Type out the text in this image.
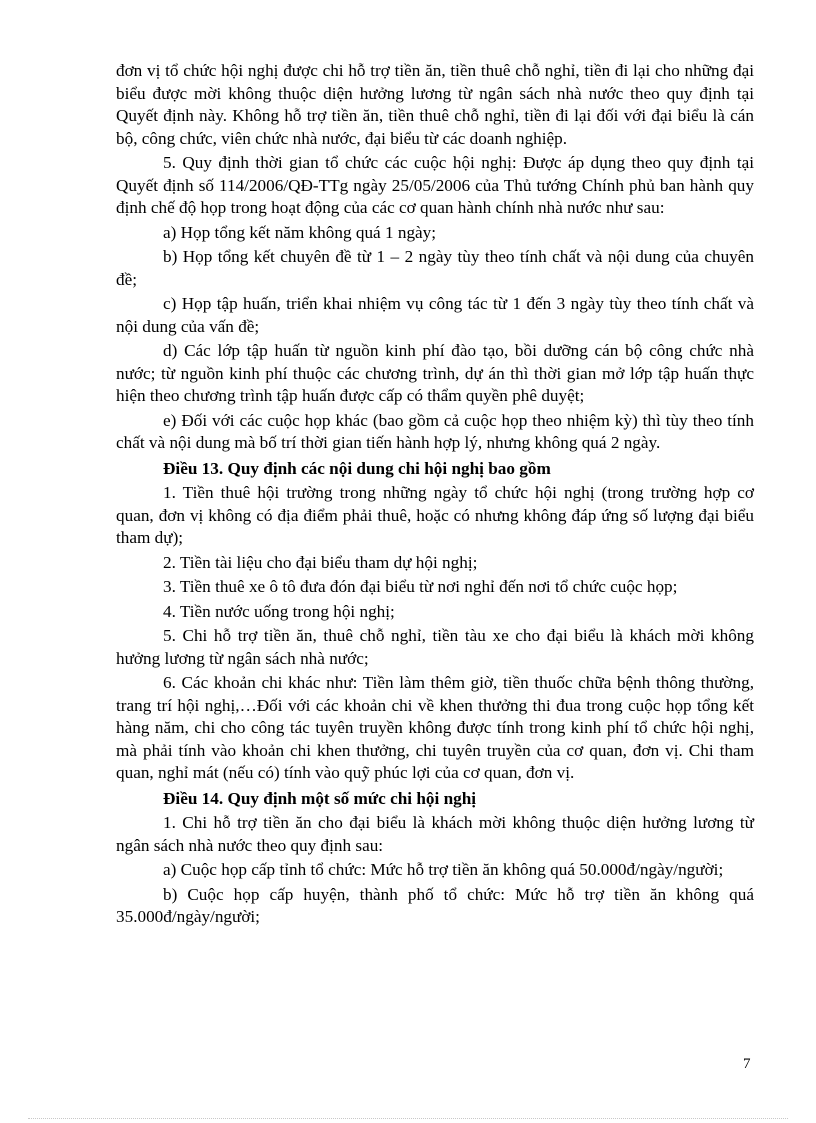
đơn vị tổ chức hội nghị được chi hỗ trợ tiền ăn, tiền thuê chỗ nghỉ, tiền đi lại cho những đại biểu được mời không thuộc diện hưởng lương từ ngân sách nhà nước theo quy định tại Quyết định này. Không hỗ trợ tiền ăn, tiền thuê chỗ nghỉ, tiền đi lại đối với đại biểu là cán bộ, công chức, viên chức nhà nước, đại biểu từ các doanh nghiệp.

5. Quy định thời gian tổ chức các cuộc hội nghị: Được áp dụng theo quy định tại Quyết định số 114/2006/QĐ-TTg ngày 25/05/2006 của Thủ tướng Chính phủ ban hành quy định chế độ họp trong hoạt động của các cơ quan hành chính nhà nước như sau:

a) Họp tổng kết năm không quá 1 ngày;

b) Họp tổng kết chuyên đề từ 1 – 2 ngày tùy theo tính chất và nội dung của chuyên đề;

c) Họp tập huấn, triển khai nhiệm vụ công tác từ 1 đến 3 ngày tùy theo tính chất và nội dung của vấn đề;

d) Các lớp tập huấn từ nguồn kinh phí đào tạo, bồi dưỡng cán bộ công chức nhà nước; từ nguồn kinh phí thuộc các chương trình, dự án thì thời gian mở lớp tập huấn thực hiện theo chương trình tập huấn được cấp có thẩm quyền phê duyệt;

e) Đối với các cuộc họp khác (bao gồm cả cuộc họp theo nhiệm kỳ) thì tùy theo tính chất và nội dung mà bố trí thời gian tiến hành hợp lý, nhưng không quá 2 ngày.

Điều 13. Quy định các nội dung chi hội nghị bao gồm

1. Tiền thuê hội trường trong những ngày tổ chức hội nghị (trong trường hợp cơ quan, đơn vị không có địa điểm phải thuê, hoặc có nhưng không đáp ứng số lượng đại biểu tham dự);

2. Tiền tài liệu cho đại biểu tham dự hội nghị;

3. Tiền thuê xe ô tô đưa đón đại biểu từ nơi nghỉ đến nơi tổ chức cuộc họp;

4. Tiền nước uống trong hội nghị;

5. Chi hỗ trợ tiền ăn, thuê chỗ nghỉ, tiền tàu xe cho đại biểu là khách mời không hưởng lương từ ngân sách nhà nước;

6. Các khoản chi khác như: Tiền làm thêm giờ, tiền thuốc chữa bệnh thông thường, trang trí hội nghị,…Đối với các khoản chi về khen thưởng thi đua trong cuộc họp tổng kết hàng năm, chi cho công tác tuyên truyền không được tính trong kinh phí tổ chức hội nghị, mà phải tính vào khoản chi khen thưởng, chi tuyên truyền của cơ quan, đơn vị. Chi tham quan, nghỉ mát (nếu có) tính vào quỹ phúc lợi của cơ quan, đơn vị.

Điều 14. Quy định một số mức chi hội nghị

1. Chi hỗ trợ tiền ăn cho đại biểu là khách mời không thuộc diện hưởng lương từ ngân sách nhà nước theo quy định sau:

a) Cuộc họp cấp tỉnh tổ chức: Mức hỗ trợ tiền ăn không quá 50.000đ/ngày/người;

b) Cuộc họp cấp huyện, thành phố tổ chức: Mức hỗ trợ tiền ăn không quá 35.000đ/ngày/người;

7
